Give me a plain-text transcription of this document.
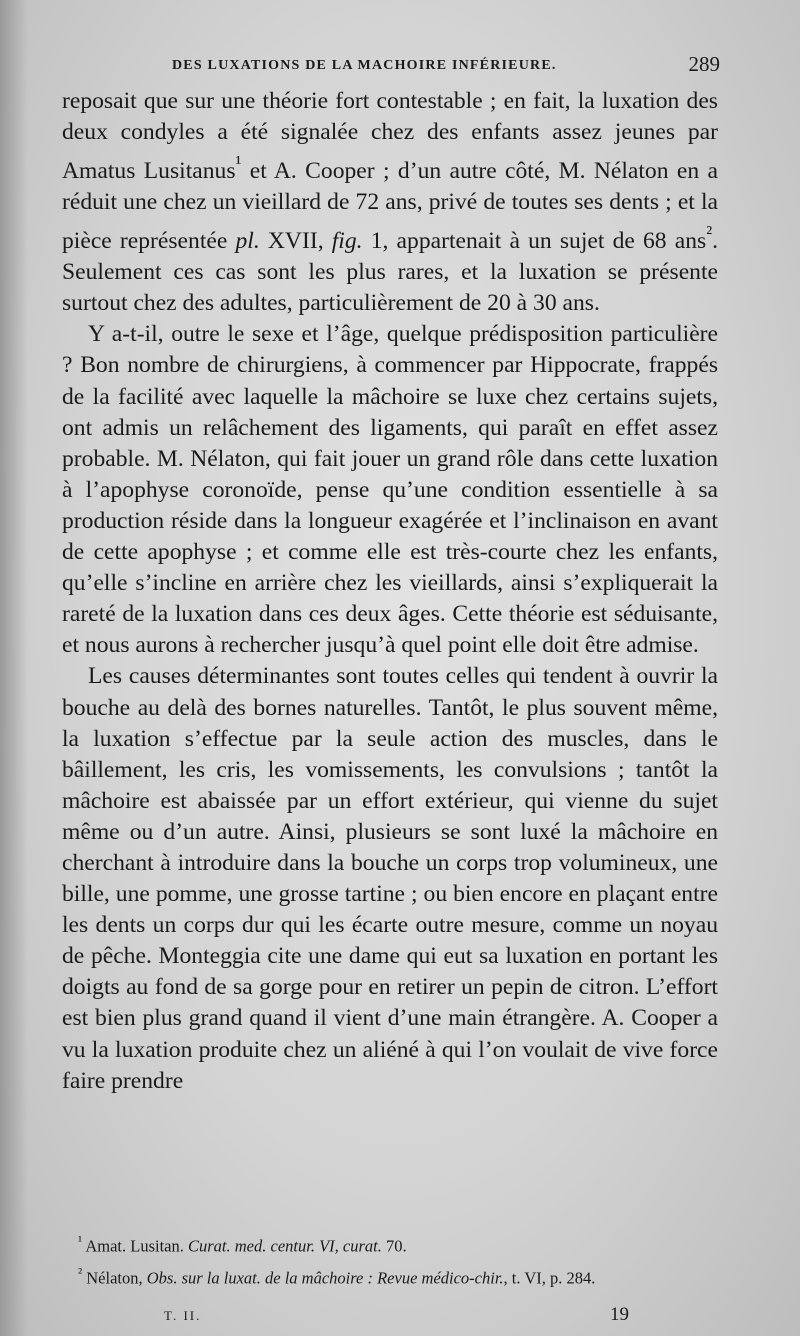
DES LUXATIONS DE LA MACHOIRE INFÉRIEURE.	289

reposait que sur une théorie fort contestable ; en fait, la luxation des deux condyles a été signalée chez des enfants assez jeunes par Amatus Lusitanus$^{^1}$ et A. Cooper ; d’un autre côté, M. Nélaton en a réduit une chez un vieillard de 72 ans, privé de toutes ses dents ; et la pièce représentée pl. XVII, fig. 1, appartenait à un sujet de 68 ans$^{^2}$. Seulement ces cas sont les plus rares, et la luxation se présente surtout chez des adultes, particulièrement de 20 à 30 ans.

Y a-t-il, outre le sexe et l’âge, quelque prédisposition particulière ? Bon nombre de chirurgiens, à commencer par Hippocrate, frappés de la facilité avec laquelle la mâchoire se luxe chez certains sujets, ont admis un relâchement des ligaments, qui paraît en effet assez probable. M. Nélaton, qui fait jouer un grand rôle dans cette luxation à l’apophyse coronoïde, pense qu’une condition essentielle à sa production réside dans la longueur exagérée et l’inclinaison en avant de cette apophyse ; et comme elle est très-courte chez les enfants, qu’elle s’incline en arrière chez les vieillards, ainsi s’expliquerait la rareté de la luxation dans ces deux âges. Cette théorie est séduisante, et nous aurons à rechercher jusqu’à quel point elle doit être admise.

Les causes déterminantes sont toutes celles qui tendent à ouvrir la bouche au delà des bornes naturelles. Tantôt, le plus souvent même, la luxation s’effectue par la seule action des muscles, dans le bâillement, les cris, les vomissements, les convulsions ; tantôt la mâchoire est abaissée par un effort extérieur, qui vienne du sujet même ou d’un autre. Ainsi, plusieurs se sont luxé la mâchoire en cherchant à introduire dans la bouche un corps trop volumineux, une bille, une pomme, une grosse tartine ; ou bien encore en plaçant entre les dents un corps dur qui les écarte outre mesure, comme un noyau de pêche. Monteggia cite une dame qui eut sa luxation en portant les doigts au fond de sa gorge pour en retirer un pepin de citron. L’effort est bien plus grand quand il vient d’une main étrangère. A. Cooper a vu la luxation produite chez un aliéné à qui l’on voulait de vive force faire prendre

$^{^1}$ Amat. Lusitan. Curat. med. centur. VI, curat. 70.

$^{^2}$ Nélaton, Obs. sur la luxat. de la mâchoire : Revue médico-chir., t. VI, p. 284.

T. II.	19
